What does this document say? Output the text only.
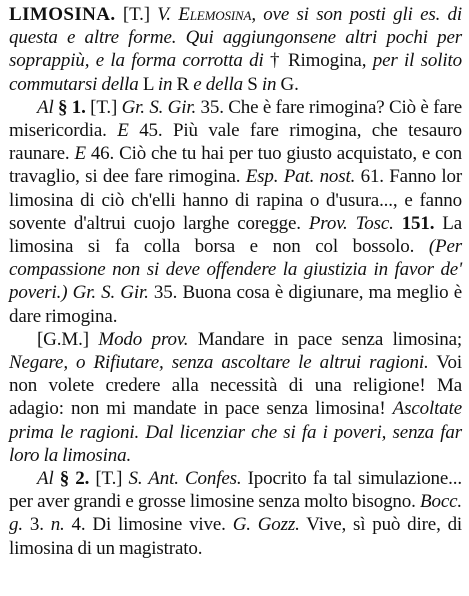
LIMOSINA. [T.] V. Elemosina, ove si son posti gli es. di questa e altre forme. Qui aggiungonsene altri pochi per soprappiù, e la forma corrotta di † Rimogina, per il solito commutarsi della L in R e della S in G.

Al § 1. [T.] Gr. S. Gir. 35. Che è fare rimogina? Ciò è fare misericordia. E 45. Più vale fare rimogina, che tesauro raunare. E 46. Ciò che tu hai per tuo giusto acquistato, e con travaglio, si dee fare rimogina. Esp. Pat. nost. 61. Fanno lor limosina di ciò ch'elli hanno di rapina o d'usura..., e fanno sovente d'altrui cuojo larghe coregge. Prov. Tosc. 151. La limosina si fa colla borsa e non col bossolo. (Per compassione non si deve offendere la giustizia in favor de' poveri.) Gr. S. Gir. 35. Buona cosa è digiunare, ma meglio è dare rimogina.

[G.M.] Modo prov. Mandare in pace senza limosina; Negare, o Rifiutare, senza ascoltare le altrui ragioni. Voi non volete credere alla necessità di una religione! Ma adagio: non mi mandate in pace senza limosina! Ascoltate prima le ragioni. Dal licenziar che si fa i poveri, senza far loro la limosina.

Al § 2. [T.] S. Ant. Confes. Ipocrito fa tal simulazione... per aver grandi e grosse limosine senza molto bisogno. Bocc. g. 3. n. 4. Di limosine vive. G. Gozz. Vive, sì può dire, di limosina di un magistrato.
